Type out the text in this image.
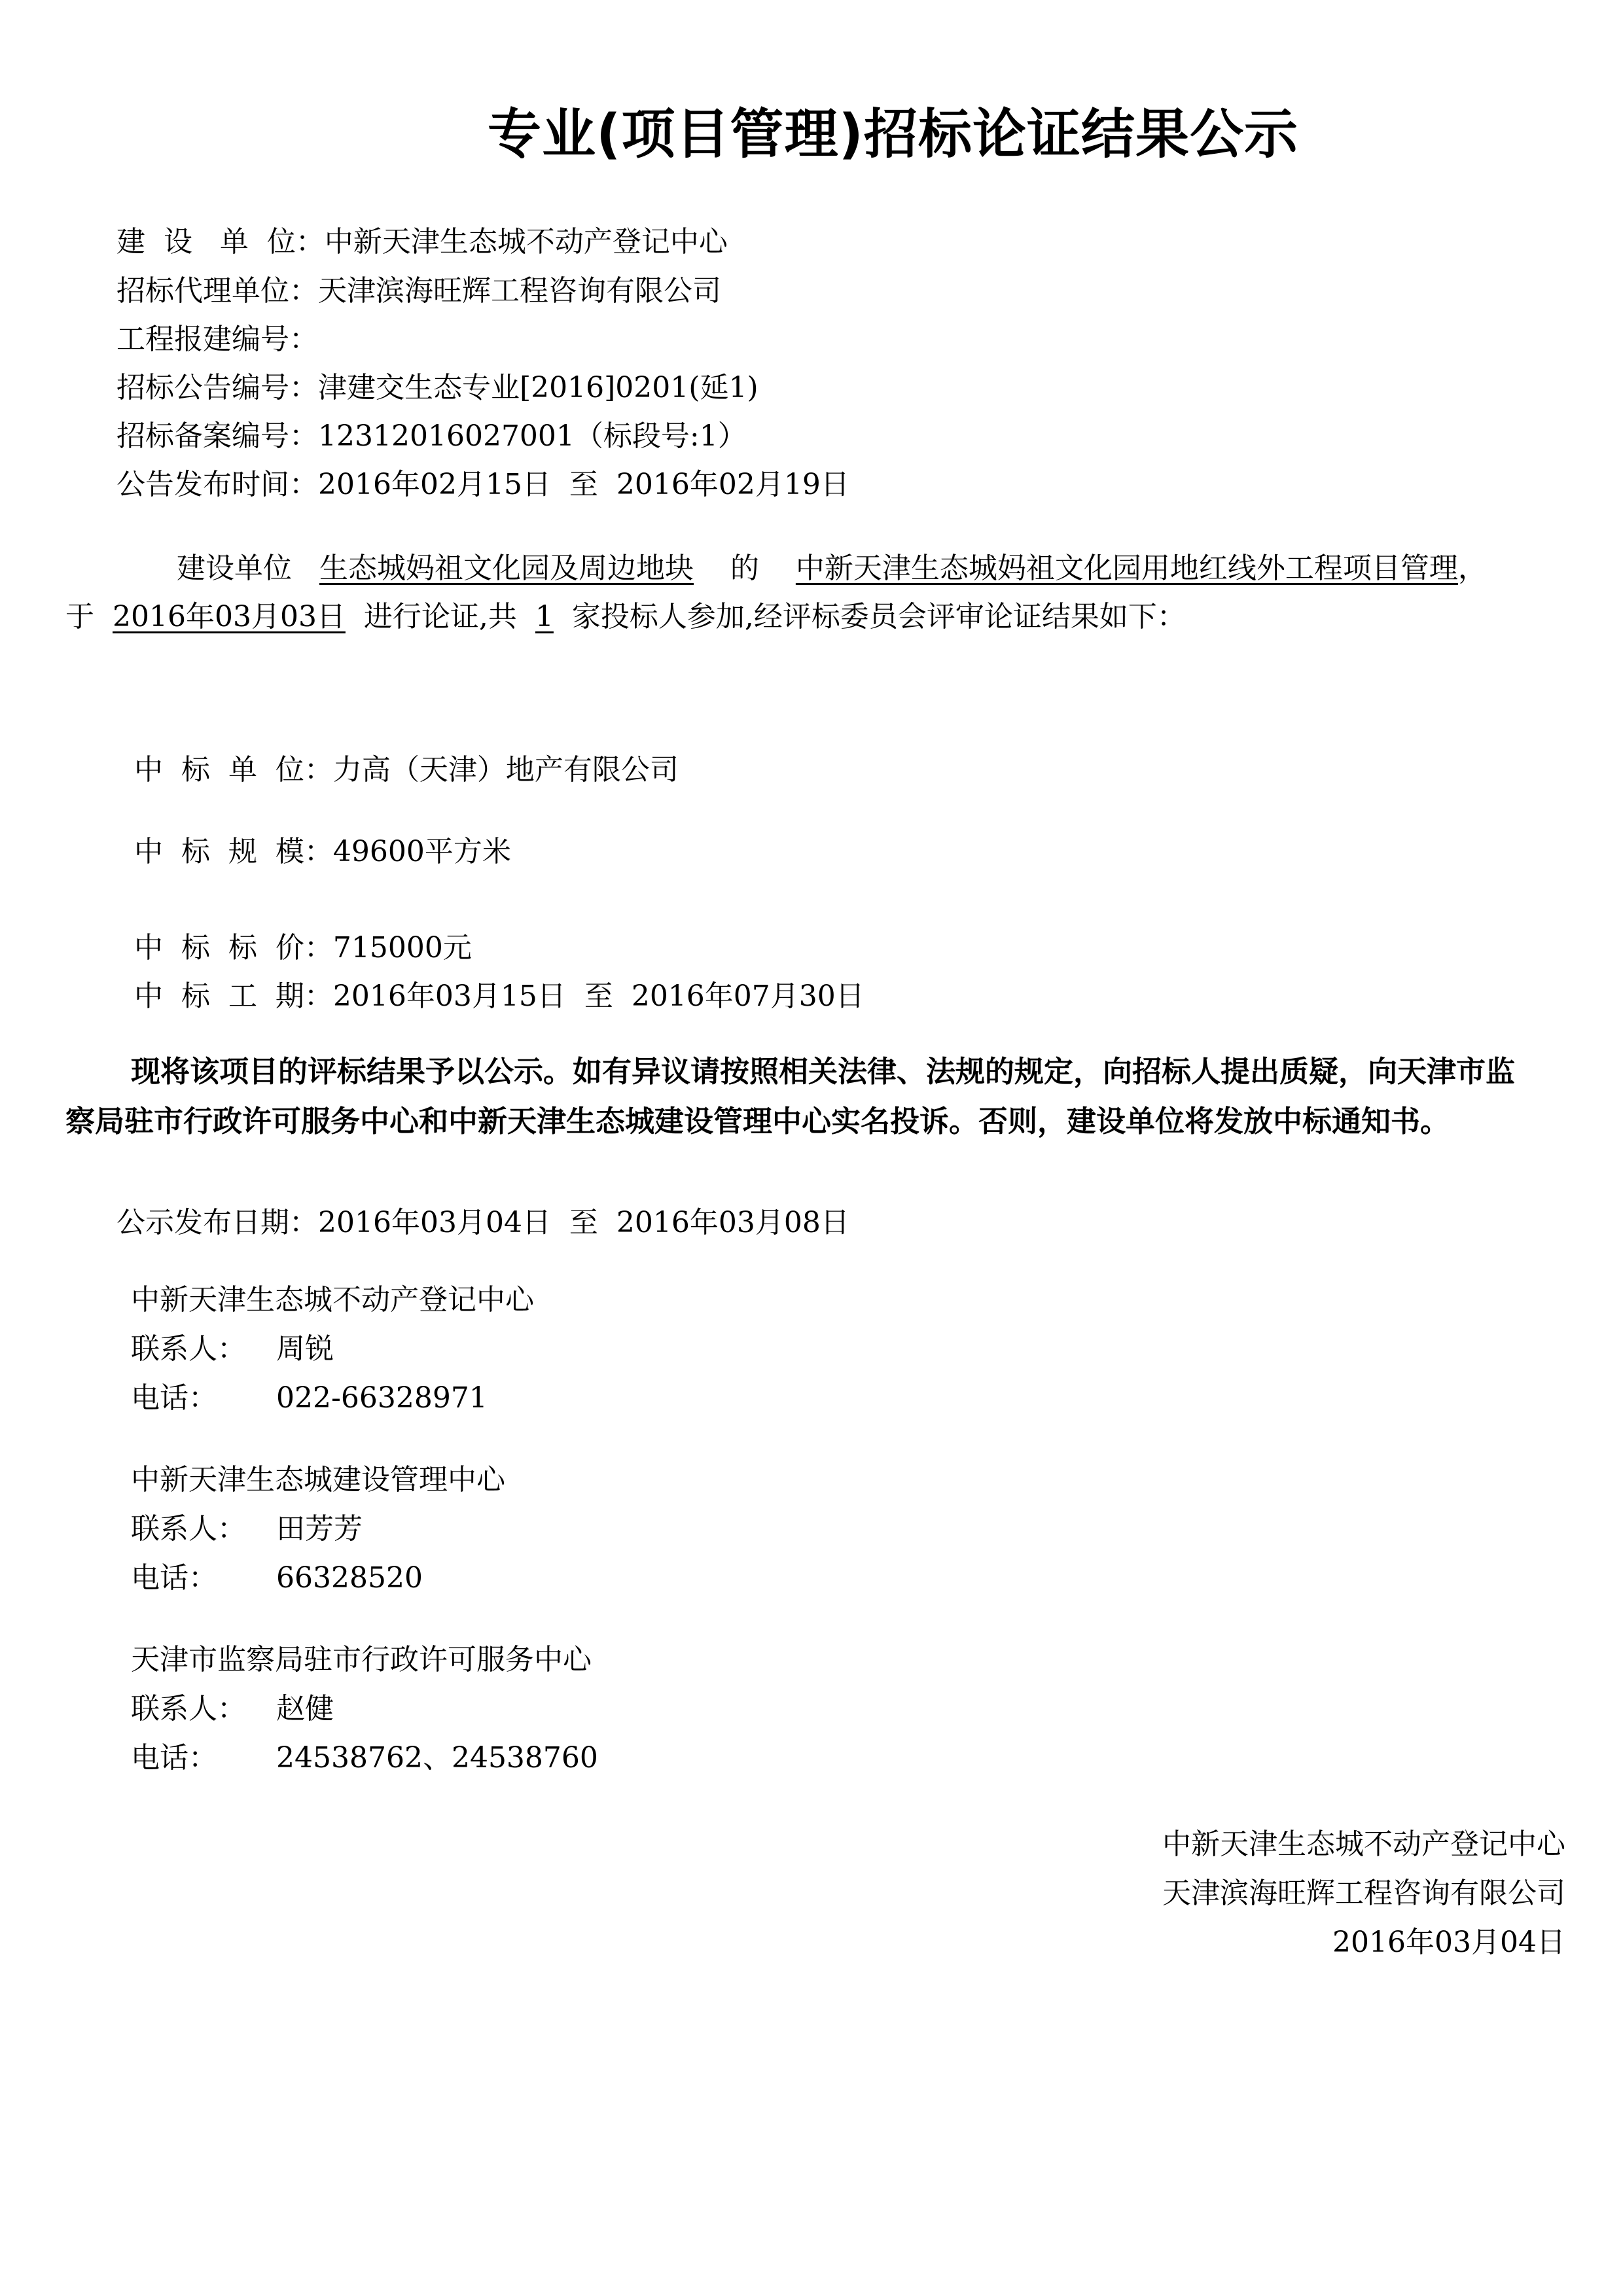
专业(项目管理)招标论证结果公示
建  设   单  位：中新天津生态城不动产登记中心
招标代理单位：天津滨海旺辉工程咨询有限公司
工程报建编号：
招标公告编号：津建交生态专业[2016]0201(延1)
招标备案编号：12312016027001（标段号:1）
公告发布时间：2016年02月15日  至  2016年02月19日
建设单位 生态城妈祖文化园及周边地块 的 中新天津生态城妈祖文化园用地红线外工程项目管理，于 2016年03月03日 进行论证,共 1 家投标人参加,经评标委员会评审论证结果如下：
中  标  单  位：力高（天津）地产有限公司
中  标  规  模：49600平方米
中  标  标  价：715000元
中  标  工  期：2016年03月15日  至  2016年07月30日
现将该项目的评标结果予以公示。如有异议请按照相关法律、法规的规定，向招标人提出质疑，向天津市监察局驻市行政许可服务中心和中新天津生态城建设管理中心实名投诉。否则，建设单位将发放中标通知书。
公示发布日期：2016年03月04日  至  2016年03月08日
中新天津生态城不动产登记中心
联系人： 周锐
电话： 022-66328971
中新天津生态城建设管理中心
联系人： 田芳芳
电话： 66328520
天津市监察局驻市行政许可服务中心
联系人： 赵健
电话： 24538762、24538760
中新天津生态城不动产登记中心
天津滨海旺辉工程咨询有限公司
2016年03月04日
